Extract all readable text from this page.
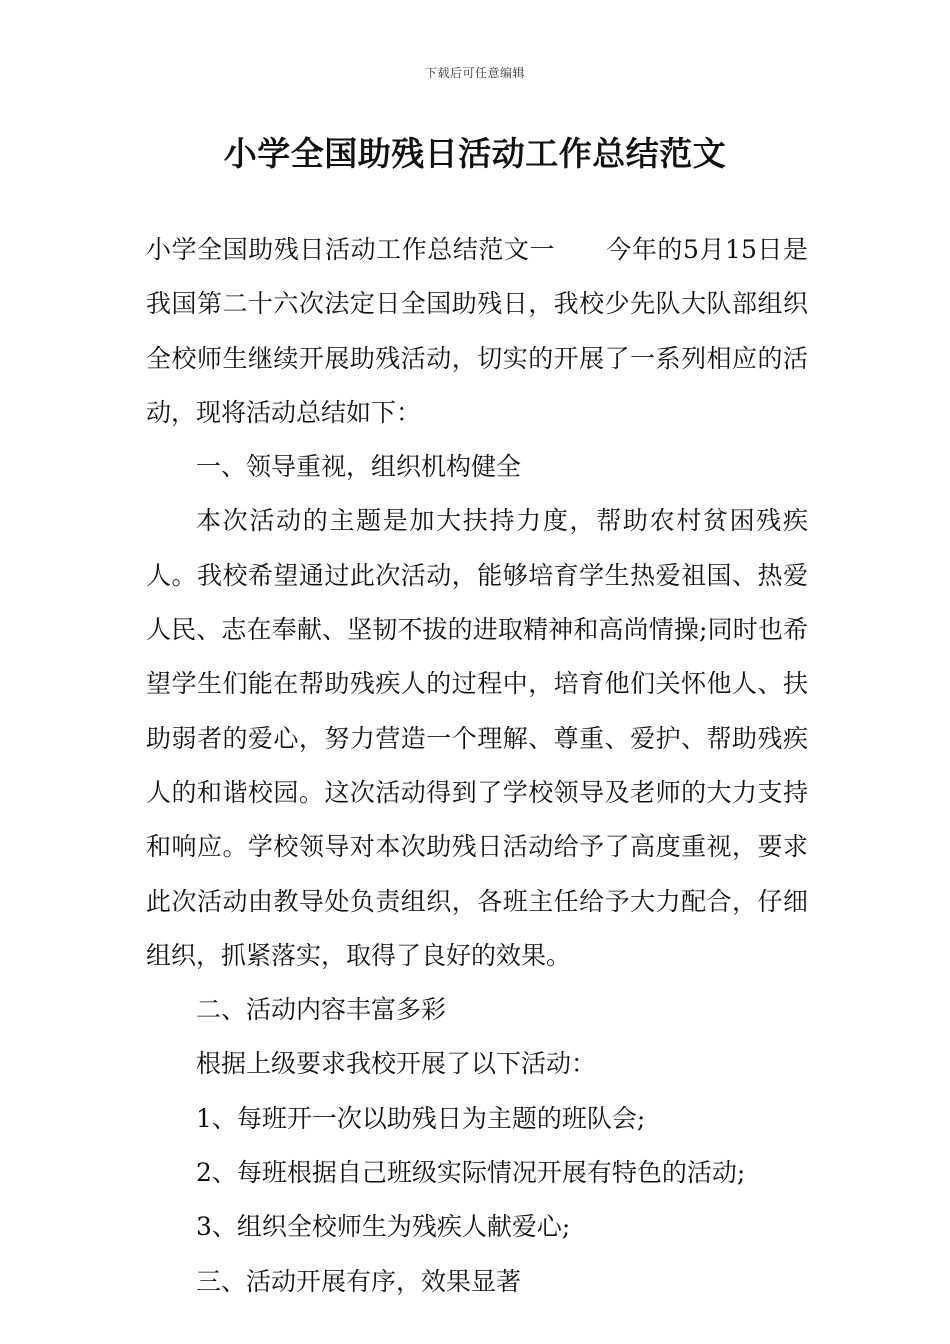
下载后可任意编辑
小学全国助残日活动工作总结范文

小学全国助残日活动工作总结范文一　　今年的5月15日是我国第二十六次法定日全国助残日，我校少先队大队部组织全校师生继续开展助残活动，切实的开展了一系列相应的活动，现将活动总结如下：

一、领导重视，组织机构健全

本次活动的主题是加大扶持力度，帮助农村贫困残疾人。我校希望通过此次活动，能够培育学生热爱祖国、热爱人民、志在奉献、坚韧不拔的进取精神和高尚情操;同时也希望学生们能在帮助残疾人的过程中，培育他们关怀他人、扶助弱者的爱心，努力营造一个理解、尊重、爱护、帮助残疾人的和谐校园。这次活动得到了学校领导及老师的大力支持和响应。学校领导对本次助残日活动给予了高度重视，要求此次活动由教导处负责组织，各班主任给予大力配合，仔细组织，抓紧落实，取得了良好的效果。

二、活动内容丰富多彩

根据上级要求我校开展了以下活动：

1、每班开一次以助残日为主题的班队会;

2、每班根据自己班级实际情况开展有特色的活动;

3、组织全校师生为残疾人献爱心;

三、活动开展有序，效果显著
